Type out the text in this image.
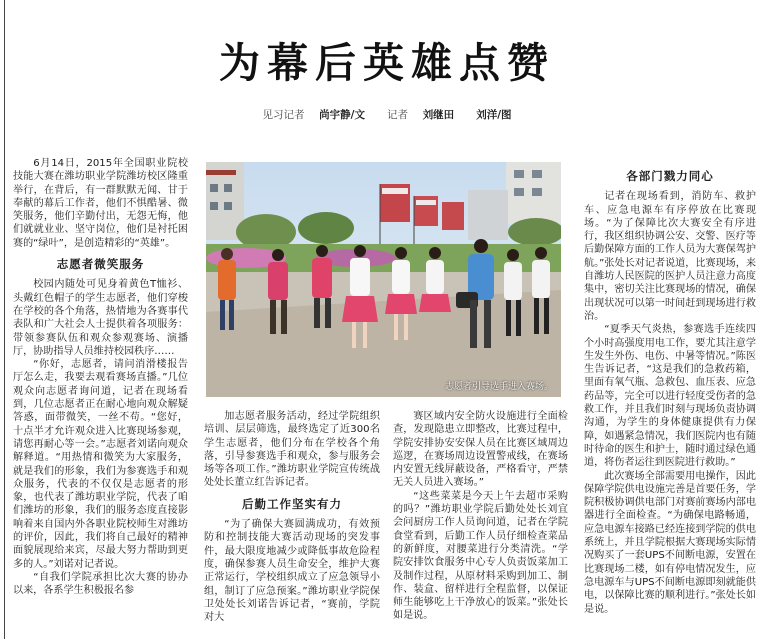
为幕后英雄点赞
见习记者 尚宇静/文 记者 刘继田 刘洋/图
志愿者引导选手进入赛场。

6月14日，2015年全国职业院校技能大赛在潍坊职业学院潍坊校区隆重举行，在背后，有一群默默无闻、甘于奉献的幕后工作者，他们不惧酷暑、微笑服务，他们辛勤付出，无怨无悔，他们就就业业、坚守岗位，他们是衬托困赛的“绿叶”，是创造精彩的“英雄”。

志愿者微笑服务

校园内随处可见身着黄色T恤衫、头戴红色帽子的学生志愿者，他们穿梭在学校的各个角落，热情地为各赛事代表队和广大社会人士提供着各项服务：带领参赛队伍和观众参观赛场、演播厅，协助指导人员维持校园秩序……

“你好，志愿者，请问消滑楼报告厅怎么走，我要去观看赛场直播。”几位观众向志愿者询问道，记者在现场看到，几位志愿者正在耐心地向观众解疑答惑，面带微笑，一丝不苟。“您好，十点半才允许观众进入比赛现场参观，请您再耐心等一会。”志愿者刘诺向观众解释道。“用热情和微笑为大家服务，就是我们的形象，我们为参赛选手和观众服务，代表的不仅仅是志愿者的形象，也代表了潍坊职业学院，代表了咱们潍坊的形象，我们的服务态度直接影响着来自国内外各职业院校师生对潍坊的评价，因此，我们将自己最好的精神面貌展现给来宾，尽最大努力帮助到更多的人。”刘诺对记者说。

“自我们学院承担比次大赛的协办以来，各系学生积极报名参

加志愿者服务活动，经过学院组织培训、层层筛选，最终选定了近300名学生志愿者，他们分布在学校各个角落，引导参赛选手和观众，参与服务会场等各项工作。”潍坊职业学院宣传统战处处长董立红告诉记者。

后勤工作坚实有力

“为了确保大赛圆满成功，有效预防和控制技能大赛活动现场的突发事件，最大限度地减少或降低事故危险程度，确保参赛人员生命安全，维护大赛正常运行，学校组织成立了应急领导小组，制订了应急预案。”潍坊职业学院保卫处处长刘诺告诉记者，“赛前，学院对大

赛区域内安全防火设施进行全面检查，发现隐患立即整改，比赛过程中，学院安排协安安保人员在比赛区域周边巡逻，在赛场周边设置警戒线，在赛场内安置无线屏蔽设备，严格看守，严禁无关人员进入赛场。”

“这些菜菜是今天上午去超市采购的吗？”潍坊职业学院后勤处处长刘宜会问厨房工作人员询问道，记者在学院食堂看到，后勤工作人员仔细检查菜品的新鲜度，对腰菜进行分类清洗。“学院安排饮食服务中心专人负责饭菜加工及制作过程，从原材料采购到加工、制作、装盒、留样进行全程监督，以保证师生能够吃上干净放心的饭菜。”张处长如是说。

各部门戮力同心

记者在现场看到，消防车、救护车、应急电源车有序停放在比赛现场。“为了保障比次大赛安全有序进行，我区组织协调公安、交警、医疗等后勤保障方面的工作人员为大赛保驾护航。”张处长对记者说道，比赛现场，来自潍坊人民医院的医护人员注意力高度集中，密切关注比赛现场的情况，确保出现状况可以第一时间赶到现场进行救治。

“夏季天气炎热，参赛选手连续四个小时高强度用电工作，要尤其注意学生发生外伤、电伤、中暑等情况。”陈医生告诉记者，“这是我们的急救药箱，里面有氧气瓶、急救包、血压表、应急药品等，完全可以进行轻度受伤者的急救工作，并且我们时刻与现场负责协调沟通，为学生的身体健康提供有力保障，如遇紧急情况，我们医院内也有随时待命的医生和护士，随时通过绿色通道，将伤者运往到医院进行救助。”

此次赛场全部需要用电操作，因此保障学院供电设施完善是首要任务，学院积极协调供电部门对赛前赛场内部电器进行全面检查。“为确保电路畅通，应急电源车接路已经连接到学院的供电系统上，并且学院根据大赛现场实际情况购买了一套UPS不间断电源，安置在比赛现场二楼，如有停电情况发生，应急电源车与UPS不间断电源即刻就能供电，以保障比赛的顺利进行。”张处长如是说。
